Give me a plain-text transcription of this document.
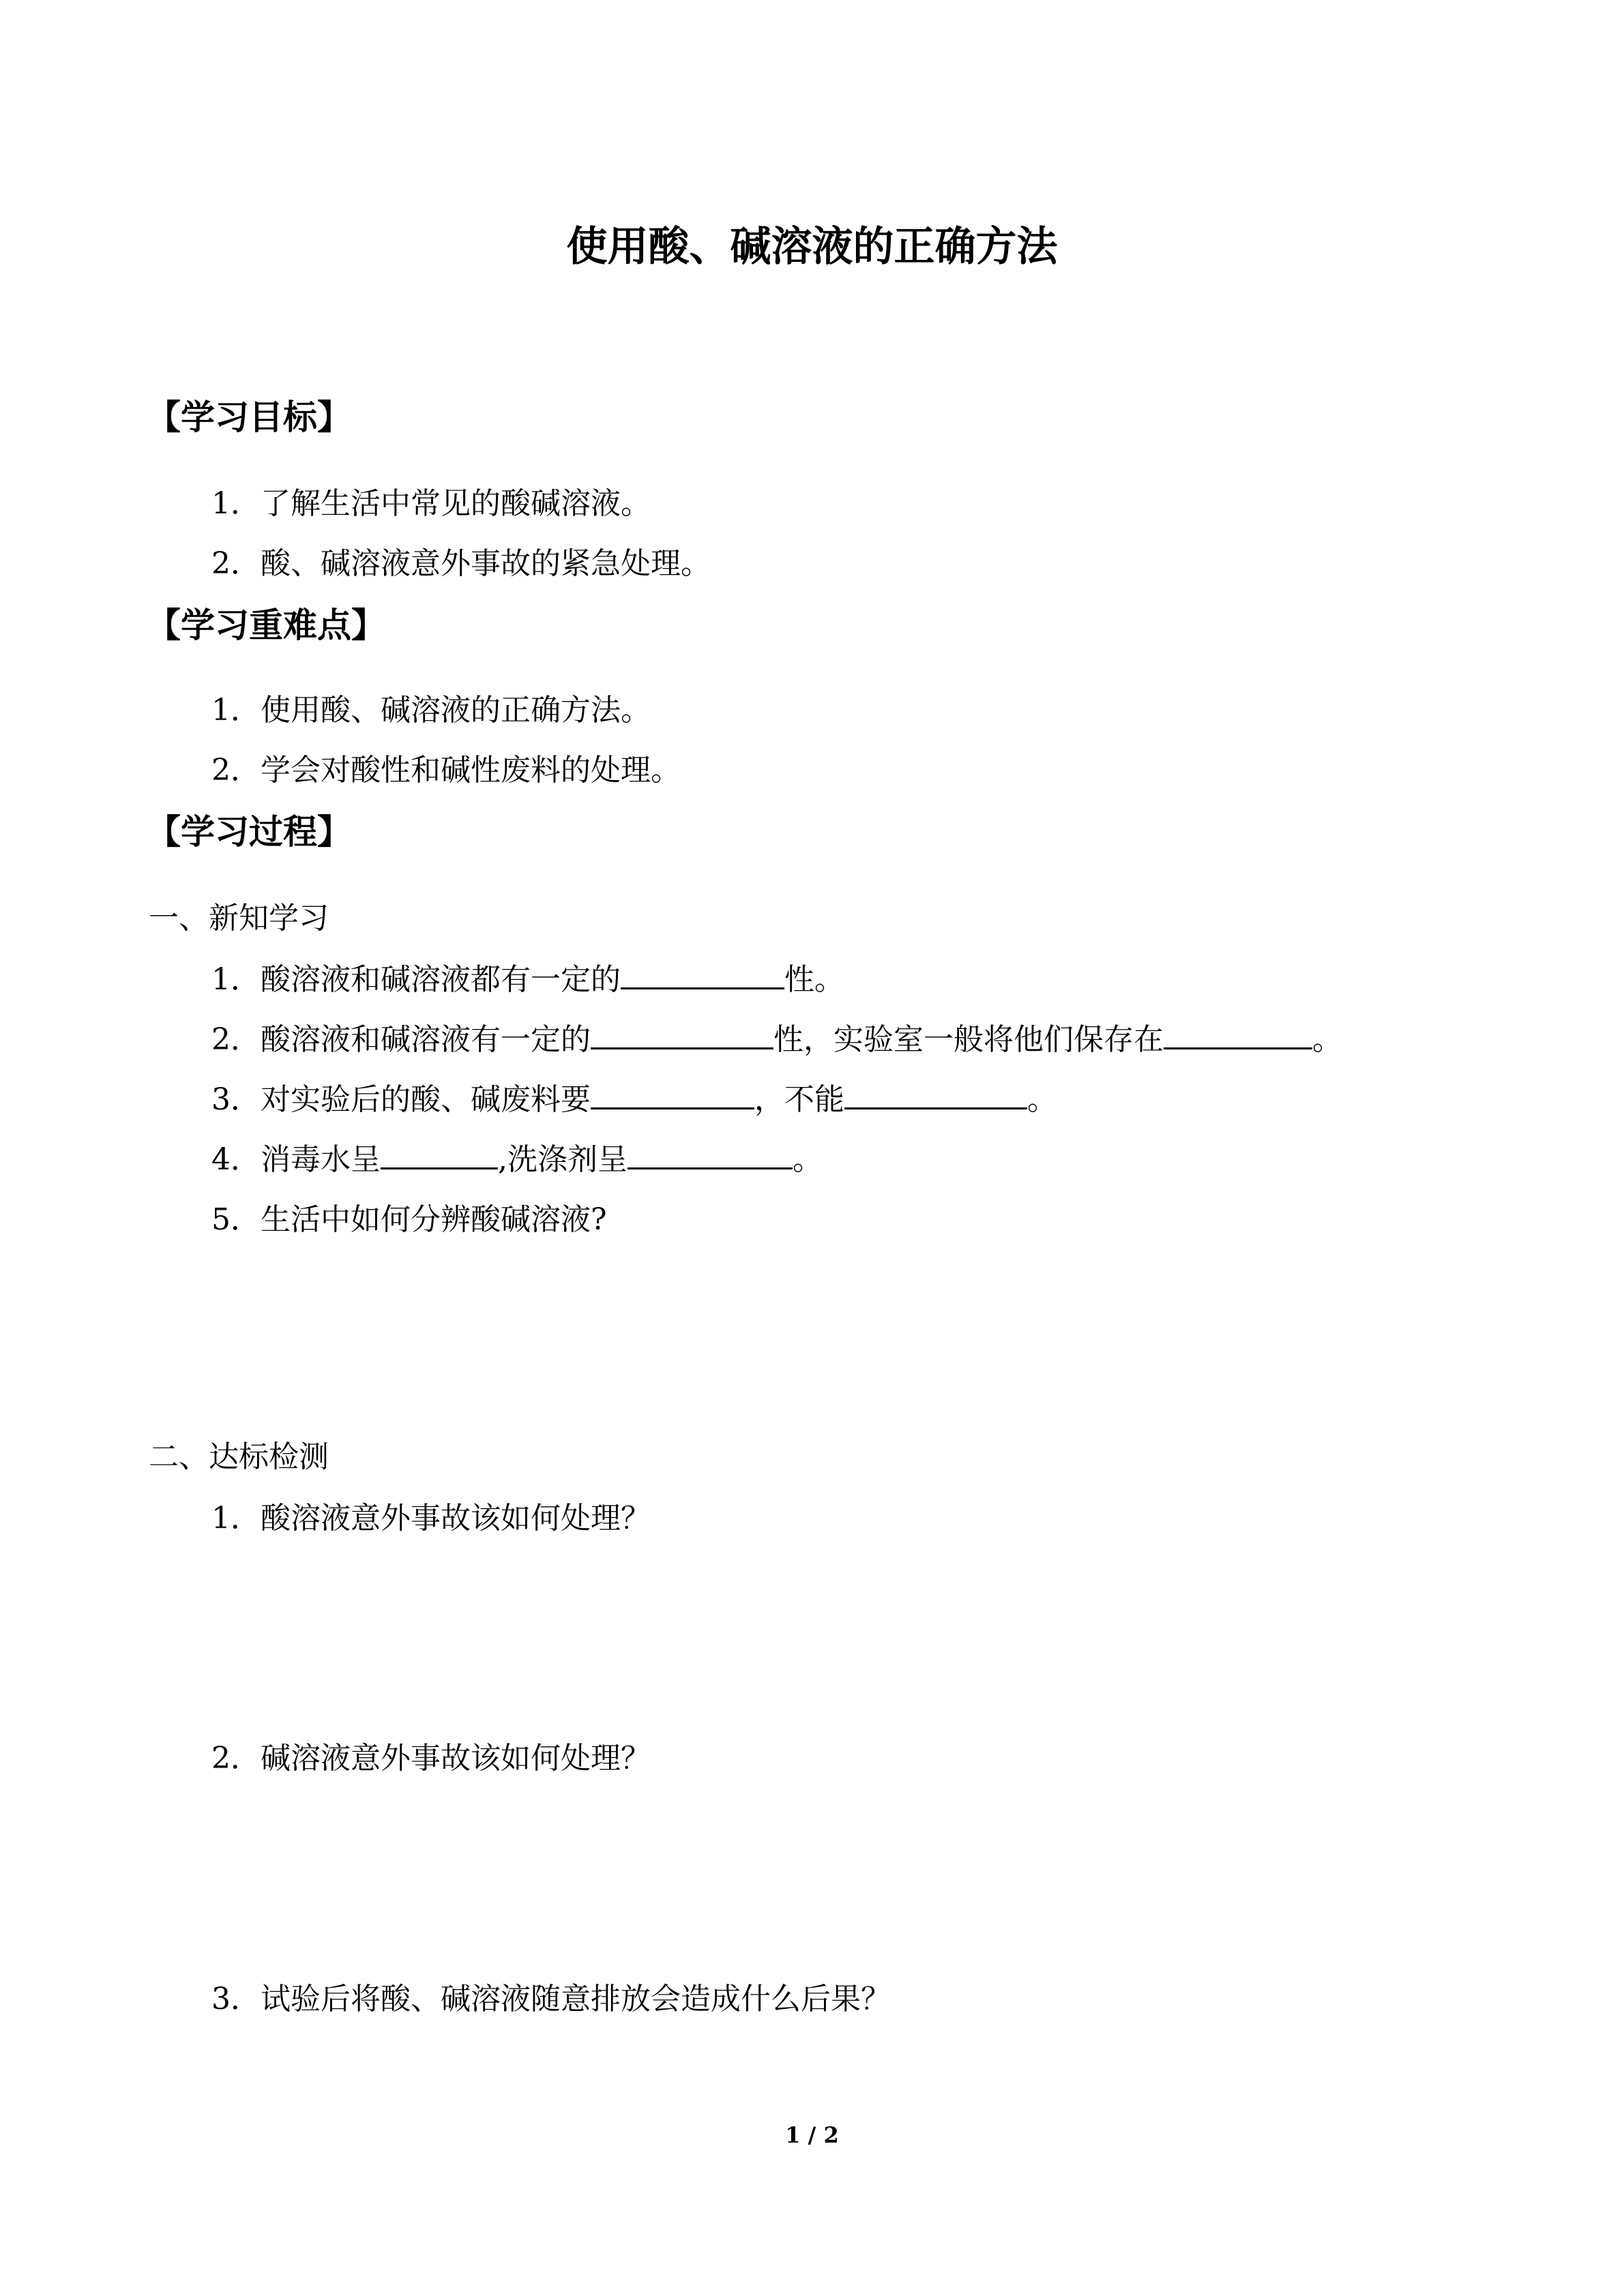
使用酸、碱溶液的正确方法
【学习目标】
1．了解生活中常见的酸碱溶液。
2．酸、碱溶液意外事故的紧急处理。
【学习重难点】
1．使用酸、碱溶液的正确方法。
2．学会对酸性和碱性废料的处理。
【学习过程】
一、新知学习
1．酸溶液和碱溶液都有一定的	性。
2．酸溶液和碱溶液有一定的	性，实验室一般将他们保存在	。
3．对实验后的酸、碱废料要	，不能	。
4．消毒水呈	,洗涤剂呈	。
5．生活中如何分辨酸碱溶液?
二、达标检测
1．酸溶液意外事故该如何处理？
2．碱溶液意外事故该如何处理？
3．试验后将酸、碱溶液随意排放会造成什么后果？
1 / 2
